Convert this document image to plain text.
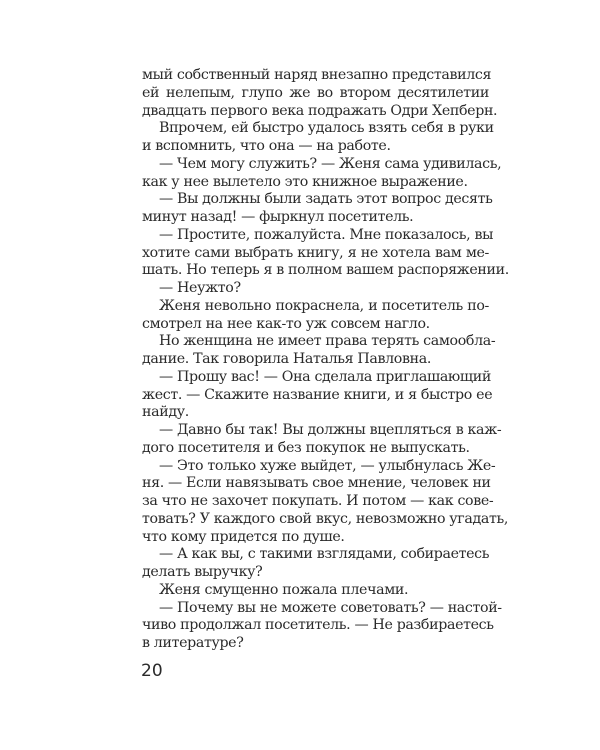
мый собственный наряд внезапно представился
ей нелепым, глупо же во втором десятилетии
двадцать первого века подражать Одри Хепберн.
Впрочем, ей быстро удалось взять себя в руки
и вспомнить, что она — на работе.
— Чем могу служить? — Женя сама удивилась,
как у нее вылетело это книжное выражение.
— Вы должны были задать этот вопрос десять
минут назад! — фыркнул посетитель.
— Простите, пожалуйста. Мне показалось, вы
хотите сами выбрать книгу, я не хотела вам ме-
шать. Но теперь я в полном вашем распоряжении.
— Неужто?
Женя невольно покраснела, и посетитель по-
смотрел на нее как-то уж совсем нагло.
Но женщина не имеет права терять самообла-
дание. Так говорила Наталья Павловна.
— Прошу вас! — Она сделала приглашающий
жест. — Скажите название книги, и я быстро ее
найду.
— Давно бы так! Вы должны вцепляться в каж-
дого посетителя и без покупок не выпускать.
— Это только хуже выйдет, — улыбнулась Же-
ня. — Если навязывать свое мнение, человек ни
за что не захочет покупать. И потом — как сове-
товать? У каждого свой вкус, невозможно угадать,
что кому придется по душе.
— А как вы, с такими взглядами, собираетесь
делать выручку?
Женя смущенно пожала плечами.
— Почему вы не можете советовать? — настой-
чиво продолжал посетитель. — Не разбираетесь
в литературе?
20
